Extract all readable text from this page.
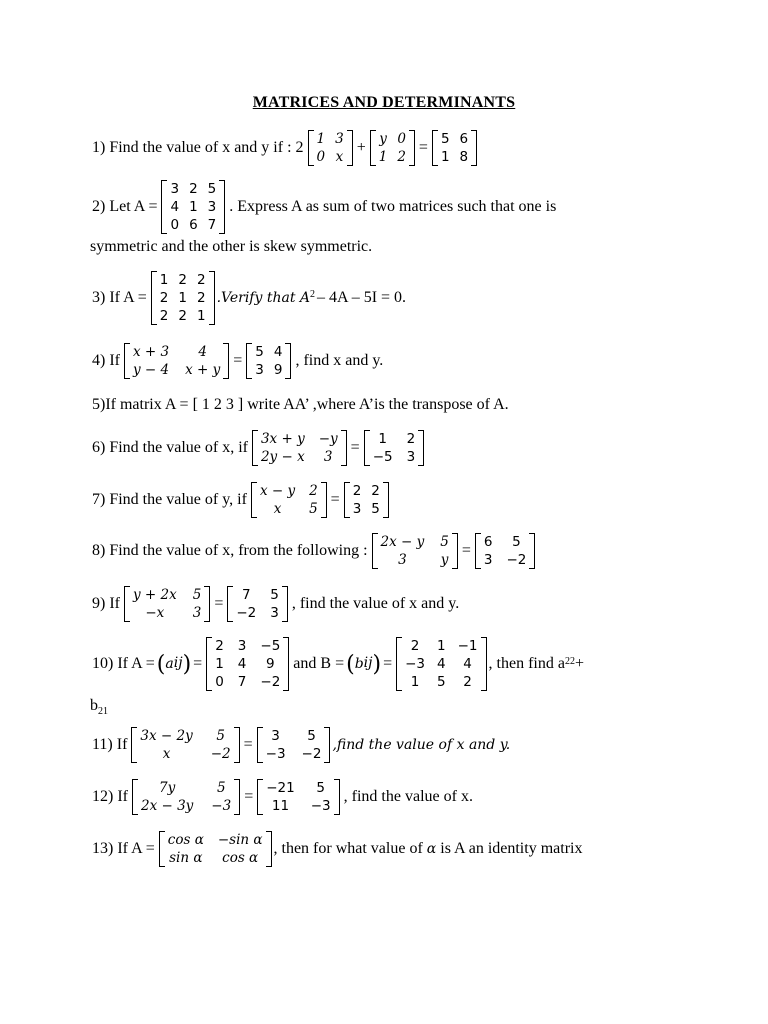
MATRICES AND DETERMINANTS
1) Find the value of x and y if : 2 1 3
0 x
+ y 0
1 2
= 5 6
1 8
2) Let A =
3 2 5
4 1 3
0 6 7
. Express A as sum of two matrices such that one is
symmetric and the other is skew symmetric.
3) If A =
1 2 2
2 1 2
2 2 1
.Verify that $A^2 - 4A - 5I = 0$.
4) If x + 3	4
y − 4 x + y
= 5 4
3 9
, find x and y.
5)If matrix A = [ 1 2 3 ] write AA’ ,where A’is the transpose of A.
6) Find the value of x, if 3x + y −y
2y − x	3
=	1	2
−5 3
7) Find the value of y, if x − y 2
x	5
= 2 2
3 5
8) Find the value of x, from the following : 2x − y 5
3	y
= 6	5
3 −2
9) If y + 2x 5
−x	3
=	7	5
−2 3
, find the value of x and y.
10) If A = ( a ij ) =
2 3 −5
1 4	9
0 7 −2
and B = ( b ij ) =
2	1 −1
−3 4	4
1	5	2
, then find a 22 +
$b_{21}$
11) If 3x − 2y	5
x	−2
=	3	5
−3 −2
,find the value of x and y.
12) If	7y	5
2x − 3y −3
= −21	5
11	−3
, find the value of x.
13) If A = cos α −sin α
sin α	cos α
, then for what value of α is A an identity matrix
